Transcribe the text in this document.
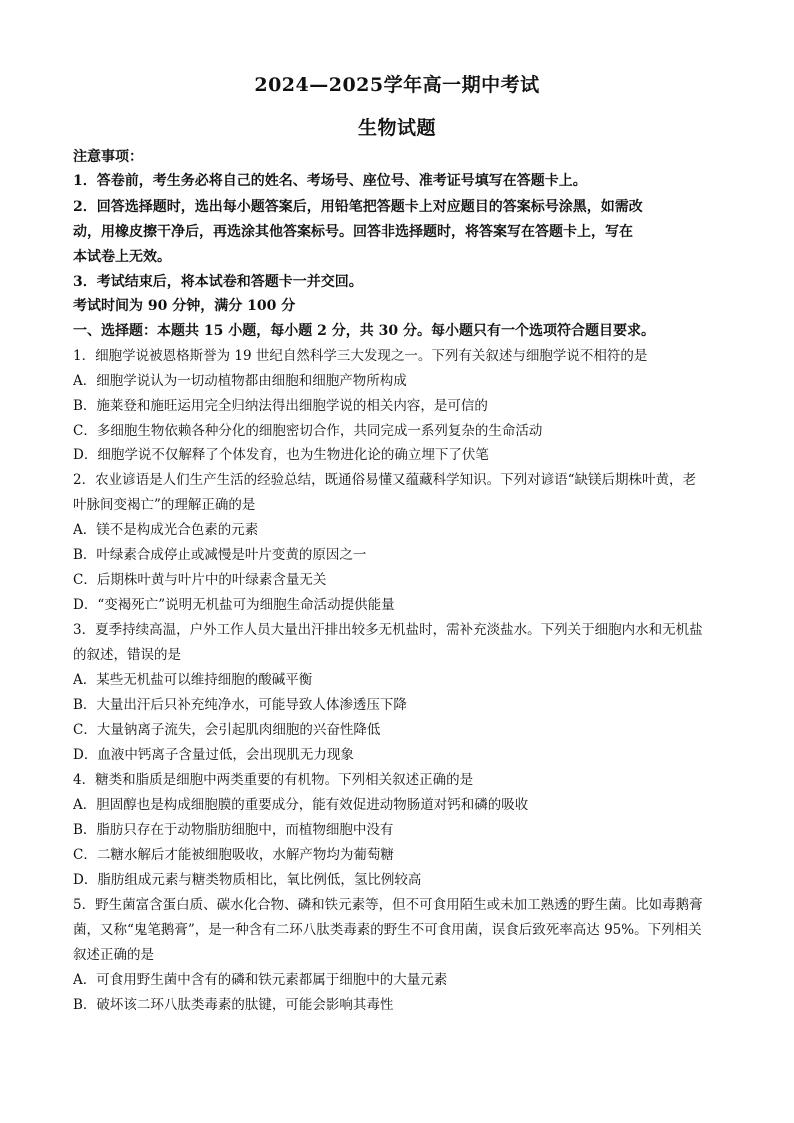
2024—2025学年高一期中考试
生物试题
注意事项：
1．答卷前，考生务必将自己的姓名、考场号、座位号、准考证号填写在答题卡上。
2．回答选择题时，选出每小题答案后，用铅笔把答题卡上对应题目的答案标号涂黑，如需改
动，用橡皮擦干净后，再选涂其他答案标号。回答非选择题时，将答案写在答题卡上，写在
本试卷上无效。
3．考试结束后，将本试卷和答题卡一并交回。
考试时间为 90 分钟，满分 100 分
一、选择题：本题共 15 小题，每小题 2 分，共 30 分。每小题只有一个选项符合题目要求。
1．细胞学说被恩格斯誉为 19 世纪自然科学三大发现之一。下列有关叙述与细胞学说不相符的是
A．细胞学说认为一切动植物都由细胞和细胞产物所构成
B．施莱登和施旺运用完全归纳法得出细胞学说的相关内容，是可信的
C．多细胞生物依赖各种分化的细胞密切合作，共同完成一系列复杂的生命活动
D．细胞学说不仅解释了个体发育，也为生物进化论的确立埋下了伏笔
2．农业谚语是人们生产生活的经验总结，既通俗易懂又蕴藏科学知识。下列对谚语“缺镁后期株叶黄，老
叶脉间变褐亡”的理解正确的是
A．镁不是构成光合色素的元素
B．叶绿素合成停止或减慢是叶片变黄的原因之一
C．后期株叶黄与叶片中的叶绿素含量无关
D．“变褐死亡”说明无机盐可为细胞生命活动提供能量
3．夏季持续高温，户外工作人员大量出汗排出较多无机盐时，需补充淡盐水。下列关于细胞内水和无机盐
的叙述，错误的是
A．某些无机盐可以维持细胞的酸碱平衡
B．大量出汗后只补充纯净水，可能导致人体渗透压下降
C．大量钠离子流失，会引起肌肉细胞的兴奋性降低
D．血液中钙离子含量过低，会出现肌无力现象
4．糖类和脂质是细胞中两类重要的有机物。下列相关叙述正确的是
A．胆固醇也是构成细胞膜的重要成分，能有效促进动物肠道对钙和磷的吸收
B．脂肪只存在于动物脂肪细胞中，而植物细胞中没有
C．二糖水解后才能被细胞吸收，水解产物均为葡萄糖
D．脂肪组成元素与糖类物质相比，氧比例低，氢比例较高
5．野生菌富含蛋白质、碳水化合物、磷和铁元素等，但不可食用陌生或未加工熟透的野生菌。比如毒鹅膏
菌，又称“鬼笔鹅膏”，是一种含有二环八肽类毒素的野生不可食用菌，误食后致死率高达 95%。下列相关
叙述正确的是
A．可食用野生菌中含有的磷和铁元素都属于细胞中的大量元素
B．破坏该二环八肽类毒素的肽键，可能会影响其毒性
